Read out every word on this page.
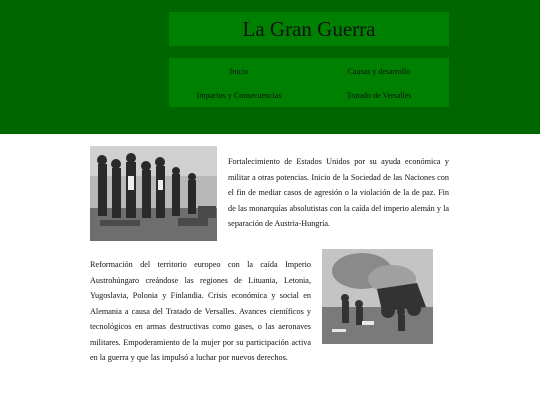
La Gran Guerra
Inicio	Causas y desarrollo
Impactos y Consecuencias	Tratado de Versalles

Fortalecimiento de Estados Unidos por su ayuda económica y militar a otras potencias. Inicio de la Sociedad de las Naciones con el fin de mediar casos de agresión o la violación de la de paz. Fin de las monarquías absolutistas con la caída del imperio alemán y la separación de Austria-Hungría.

Reformación del territorio europeo con la caída Imperio Austrohúngaro creándose las regiones de Lituania, Letonia, Yugoslavia, Polonia y Finlandia. Crisis económica y social en Alemania a causa del Tratado de Versalles. Avances científicos y tecnológicos en armas destructivas como gases, o las aeronaves militares. Empoderamiento de la mujer por su participación activa en la guerra y que las impulsó a luchar por nuevos derechos.
